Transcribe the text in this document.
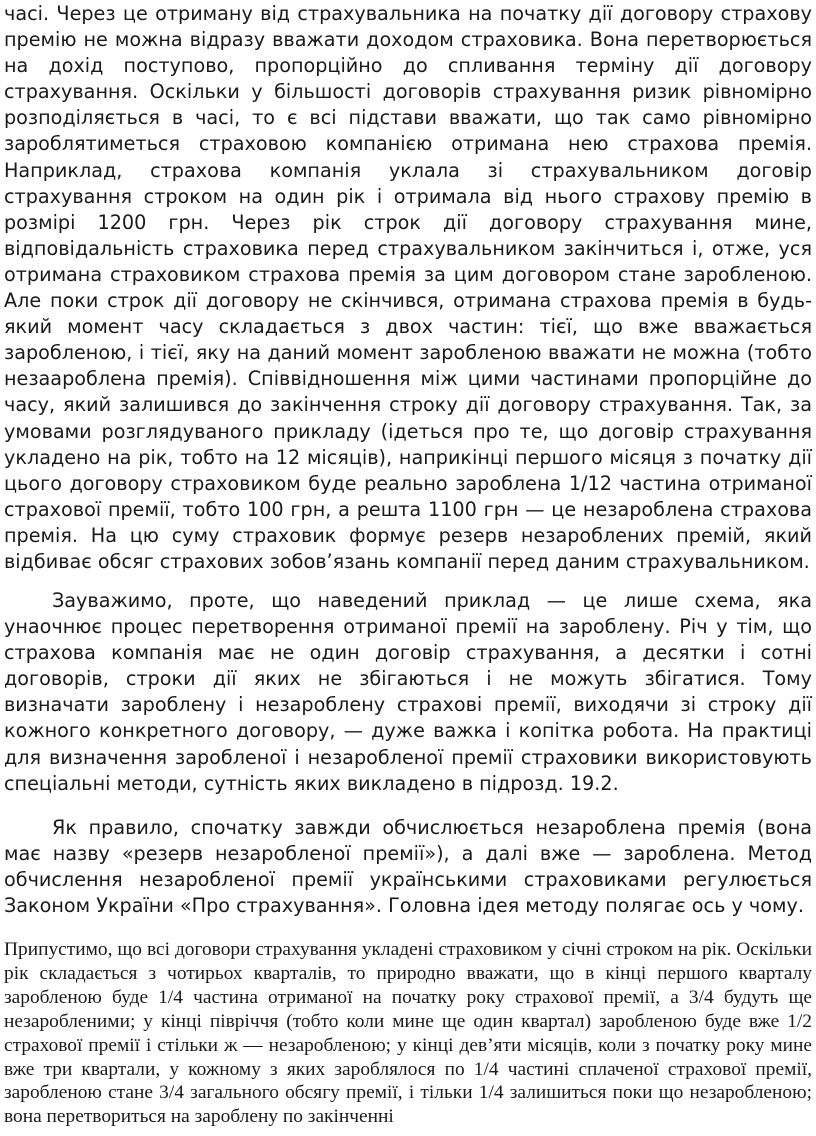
часі. Через це отриману від страхувальника на початку дії договору страхову премію не можна відразу вважати доходом страховика. Вона перетворюється на дохід поступово, пропорційно до спливання терміну дії договору страхування. Оскільки у більшості договорів страхування ризик рівномірно розподіляється в часі, то є всі підстави вважати, що так само рівномірно зароблятиметься страховою компанією отримана нею страхова премія. Наприклад, страхова компанія уклала зі страхувальником договір страхування строком на один рік і отримала від нього страхову премію в розмірі 1200 грн. Через рік строк дії договору страхування мине, відповідальність страховика перед страхувальником закінчиться і, отже, уся отримана страховиком страхова премія за цим договором стане заробленою. Але поки строк дії договору не скінчився, отримана страхова премія в будь-який момент часу складається з двох частин: тієї, що вже вважається заробленою, і тієї, яку на даний момент заробленою вважати не можна (тобто незаароблена премія). Співвідношення між цими частинами пропорційне до часу, який залишився до закінчення строку дії договору страхування. Так, за умовами розглядуваного прикладу (ідеться про те, що договір страхування укладено на рік, тобто на 12 місяців), наприкінці першого місяця з початку дії цього договору страховиком буде реально зароблена 1/12 частина отриманої страхової премії, тобто 100 грн, а решта 1100 грн — це незароблена страхова премія. На цю суму страховик формує резерв незароблених премій, який відбиває обсяг страхових зобов’язань компанії перед даним страхувальником.

Зауважимо, проте, що наведений приклад — це лише схема, яка унаочнює процес перетворення отриманої премії на зароблену. Річ у тім, що страхова компанія має не один договір страхування, а десятки і сотні договорів, строки дії яких не збігаються і не можуть збігатися. Тому визначати зароблену і незароблену страхові премії, виходячи зі строку дії кожного конкретного договору, — дуже важка і копітка робота. На практиці для визначення заробленої і незаробленої премії страховики використовують спеціальні методи, сутність яких викладено в підрозд. 19.2.

Як правило, спочатку завжди обчислюється незароблена премія (вона має назву «резерв незаробленої премії»), а далі вже — зароблена. Метод обчислення незаробленої премії українськими страховиками регулюється Законом України «Про страхування». Головна ідея методу полягає ось у чому.

Припустимо, що всі договори страхування укладені страховиком у січні строком на рік. Оскільки рік складається з чотирьох кварталів, то природно вважати, що в кінці першого кварталу заробленою буде 1/4 частина отриманої на початку року страхової премії, а 3/4 будуть ще незаробленими; у кінці півріччя (тобто коли мине ще один квартал) заробленою буде вже 1/2 страхової премії і стільки ж — незаробленою; у кінці дев’яти місяців, коли з початку року мине вже три квартали, у кожному з яких зароблялося по 1/4 частині сплаченої страхової премії, заробленою стане 3/4 загального обсягу премії, і тільки 1/4 залишиться поки що незаробленою; вона перетвориться на зароблену по закінченні
